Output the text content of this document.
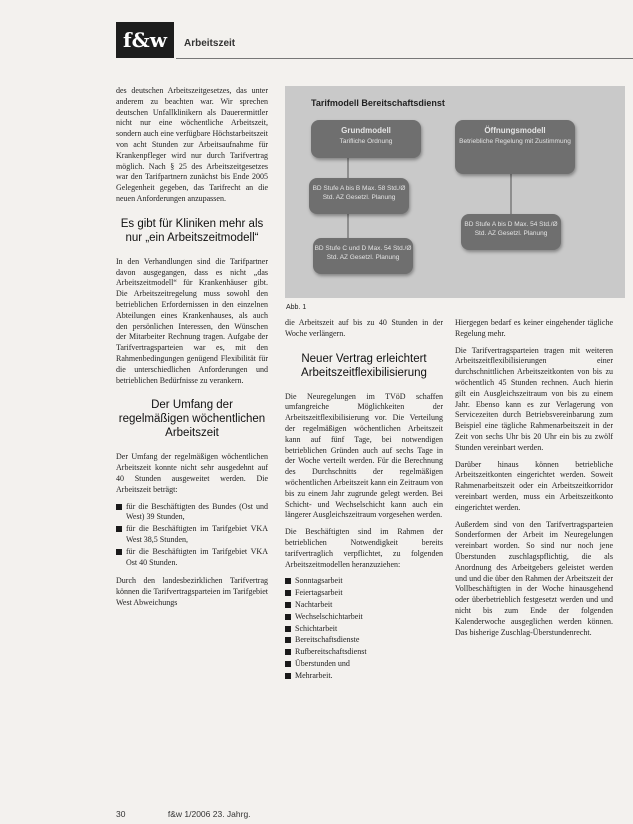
f&w	Arbeitszeit

des deutschen Arbeitszeitgesetzes, das unter anderem zu beachten war. Wir sprechen deutschen Unfallklinikern als Dauerermittler nicht nur eine wöchentliche Arbeitszeit, sondern auch eine verfügbare Höchstarbeitszeit von acht Stunden zur Arbeitsaufnahme für Krankenpfleger wird nur durch Tarifvertrag möglich. Nach § 25 des Arbeitszeitgesetzes war den Tarifpartnern zunächst bis Ende 2005 Gelegenheit gegeben, das Tarifrecht an die neuen Anforderungen anzupassen.

Es gibt für Kliniken mehr als nur „ein Arbeitszeitmodell“

In den Verhandlungen sind die Tarifpartner davon ausgegangen, dass es nicht „das Arbeitszeitmodell“ für Krankenhäuser gibt. Die Arbeitszeitregelung muss sowohl den betrieblichen Erfordernissen in den einzelnen Abteilungen eines Krankenhauses, als auch den persönlichen Interessen, den Wünschen der Mitarbeiter Rechnung tragen. Aufgabe der Tarifvertragsparteien war es, mit den Rahmenbedingungen genügend Flexibilität für die unterschiedlichen Anforderungen und betrieblichen Bedürfnisse zu verankern.

Der Umfang der regelmäßigen wöchentlichen Arbeitszeit

Der Umfang der regelmäßigen wöchentlichen Arbeitszeit konnte nicht sehr ausgedehnt auf 40 Stunden ausgeweitet werden. Die Arbeitszeit beträgt:

für die Beschäftigten des Bundes (Ost und West) 39 Stunden,
für die Beschäftigten im Tarifgebiet VKA West 38,5 Stunden,
für die Beschäftigten im Tarifgebiet VKA Ost 40 Stunden.

Durch den landesbezirklichen Tarifvertrag können die Tarifvertragsparteien im Tarifgebiet West Abweichungs

Tarifmodell Bereitschaftsdienst
Grundmodell
Tarifliche Ordnung
Öffnungsmodell
Betriebliche Regelung mit Zustimmung
BD Stufe A bis B Max. 58 Std./Ø Std. AZ Gesetzl. Planung
BD Stufe C und D Max. 54 Std./Ø Std. AZ Gesetzl. Planung
BD Stufe A bis D Max. 54 Std./Ø Std. AZ Gesetzl. Planung
Abb. 1

die Arbeitszeit auf bis zu 40 Stunden in der Woche verlängern.

Neuer Vertrag erleichtert Arbeitszeitflexibilisierung

Die Neuregelungen im TVöD schaffen umfangreiche Möglichkeiten der Arbeitszeitflexibilisierung vor. Die Verteilung der regelmäßigen wöchentlichen Arbeitszeit kann auf fünf Tage, bei notwendigen betrieblichen Gründen auch auf sechs Tage in der Woche verteilt werden. Für die Berechnung des Durchschnitts der regelmäßigen wöchentlichen Arbeitszeit kann ein Zeitraum von bis zu einem Jahr zugrunde gelegt werden. Bei Schicht- und Wechselschicht kann auch ein längerer Ausgleichszeitraum vorgesehen werden.

Die Beschäftigten sind im Rahmen der betrieblichen Notwendigkeit bereits tarifvertraglich verpflichtet, zu folgenden Arbeitszeitmodellen heranzuziehen:

Sonntagsarbeit
Feiertagsarbeit
Nachtarbeit
Wechselschichtarbeit
Schichtarbeit
Bereitschaftsdienste
Rufbereitschaftsdienst
Überstunden und
Mehrarbeit.

Hiergegen bedarf es keiner eingehender tägliche Regelung mehr.

Die Tarifvertragsparteien tragen mit weiteren Arbeitszeitflexibilisierungen einer durchschnittlichen Arbeitszeitkonten von bis zu wöchentlich 45 Stunden rechnen. Auch hierin gilt ein Ausgleichszeitraum von bis zu einem Jahr. Ebenso kann es zur Verlagerung von Servicezeiten durch Betriebsvereinbarung zum Beispiel eine tägliche Rahmenarbeitszeit in der Zeit von sechs Uhr bis 20 Uhr ein bis zu zwölf Stunden vereinbart werden.

Darüber hinaus können betriebliche Arbeitszeitkonten eingerichtet werden. Soweit Rahmenarbeitszeit oder ein Arbeitszeitkorridor vereinbart werden, muss ein Arbeitszeitkonto eingerichtet werden.

Außerdem sind von den Tarifvertragsparteien Sonderformen der Arbeit im Neuregelungen vereinbart worden. So sind nur noch jene Überstunden zuschlagspflichtig, die als Anordnung des Arbeitgebers geleistet werden und und die über den Rahmen der Arbeitszeit der Vollbeschäftigten in der Woche hinausgehend oder überbetrieblich festgesetzt werden und und nicht bis zum Ende der folgenden Kalenderwoche ausgeglichen werden können. Das bisherige Zuschlag-Überstundenrecht.

30	f&w 1/2006 23. Jahrg.
